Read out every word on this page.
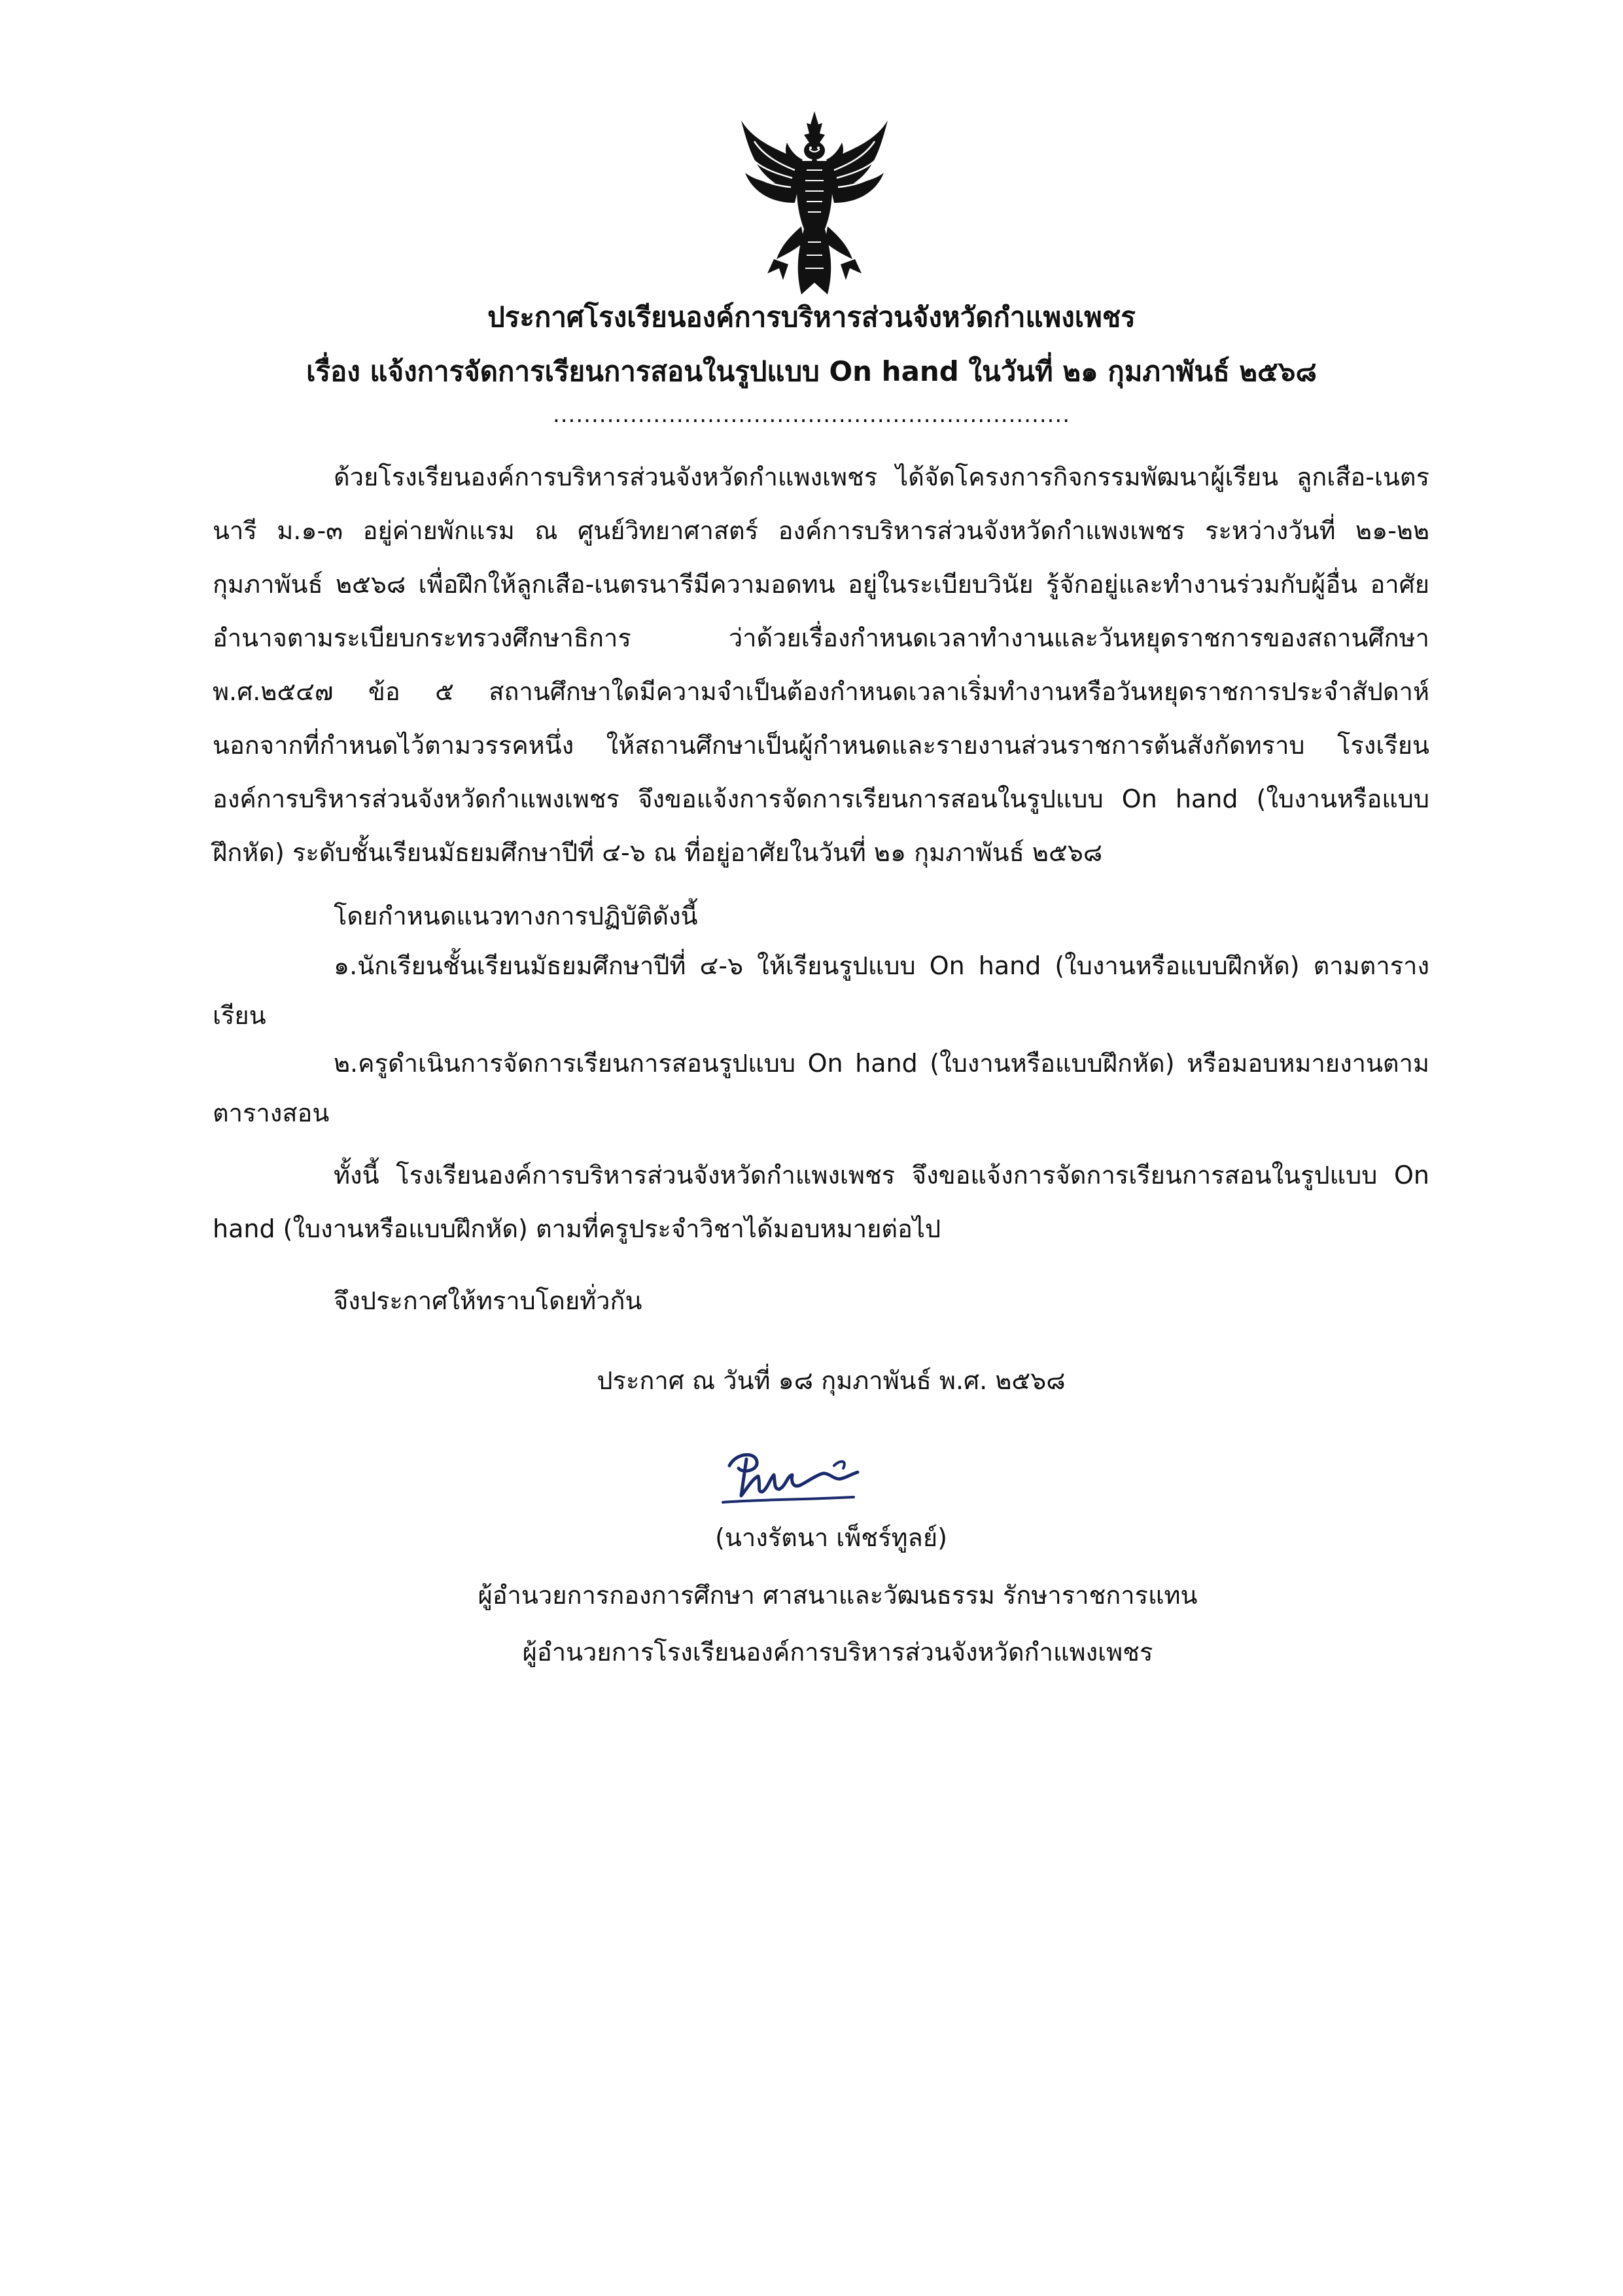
ประกาศโรงเรียนองค์การบริหารส่วนจังหวัดกำแพงเพชร
เรื่อง แจ้งการจัดการเรียนการสอนในรูปแบบ On hand ในวันที่ ๒๑ กุมภาพันธ์ ๒๕๖๘
...................................................................
ด้วยโรงเรียนองค์การบริหารส่วนจังหวัดกำแพงเพชร ได้จัดโครงการกิจกรรมพัฒนาผู้เรียน ลูกเสือ-เนตรนารี ม.๑-๓ อยู่ค่ายพักแรม ณ ศูนย์วิทยาศาสตร์ องค์การบริหารส่วนจังหวัดกำแพงเพชร ระหว่างวันที่ ๒๑-๒๒ กุมภาพันธ์ ๒๕๖๘ เพื่อฝึกให้ลูกเสือ-เนตรนารีมีความอดทน อยู่ในระเบียบวินัย รู้จักอยู่และทำงานร่วมกับผู้อื่น อาศัยอำนาจตามระเบียบกระทรวงศึกษาธิการ ว่าด้วยเรื่องกำหนดเวลาทำงานและวันหยุดราชการของสถานศึกษา พ.ศ.๒๕๔๗ ข้อ ๕ สถานศึกษาใดมีความจำเป็นต้องกำหนดเวลาเริ่มทำงานหรือวันหยุดราชการประจำสัปดาห์นอกจากที่กำหนดไว้ตามวรรคหนึ่ง ให้สถานศึกษาเป็นผู้กำหนดและรายงานส่วนราชการต้นสังกัดทราบ โรงเรียนองค์การบริหารส่วนจังหวัดกำแพงเพชร จึงขอแจ้งการจัดการเรียนการสอนในรูปแบบ On hand (ใบงานหรือแบบฝึกหัด) ระดับชั้นเรียนมัธยมศึกษาปีที่ ๔-๖ ณ ที่อยู่อาศัยในวันที่ ๒๑ กุมภาพันธ์ ๒๕๖๘
โดยกำหนดแนวทางการปฏิบัติดังนี้
๑.นักเรียนชั้นเรียนมัธยมศึกษาปีที่ ๔-๖ ให้เรียนรูปแบบ On hand (ใบงานหรือแบบฝึกหัด) ตามตารางเรียน
๒.ครูดำเนินการจัดการเรียนการสอนรูปแบบ On hand (ใบงานหรือแบบฝึกหัด) หรือมอบหมายงานตามตารางสอน
ทั้งนี้ โรงเรียนองค์การบริหารส่วนจังหวัดกำแพงเพชร จึงขอแจ้งการจัดการเรียนการสอนในรูปแบบ On hand (ใบงานหรือแบบฝึกหัด) ตามที่ครูประจำวิชาได้มอบหมายต่อไป
จึงประกาศให้ทราบโดยทั่วกัน
ประกาศ ณ วันที่ ๑๘ กุมภาพันธ์ พ.ศ. ๒๕๖๘
(นางรัตนา เพ็ชร์ทูลย์)
ผู้อำนวยการกองการศึกษา ศาสนาและวัฒนธรรม รักษาราชการแทน
ผู้อำนวยการโรงเรียนองค์การบริหารส่วนจังหวัดกำแพงเพชร
